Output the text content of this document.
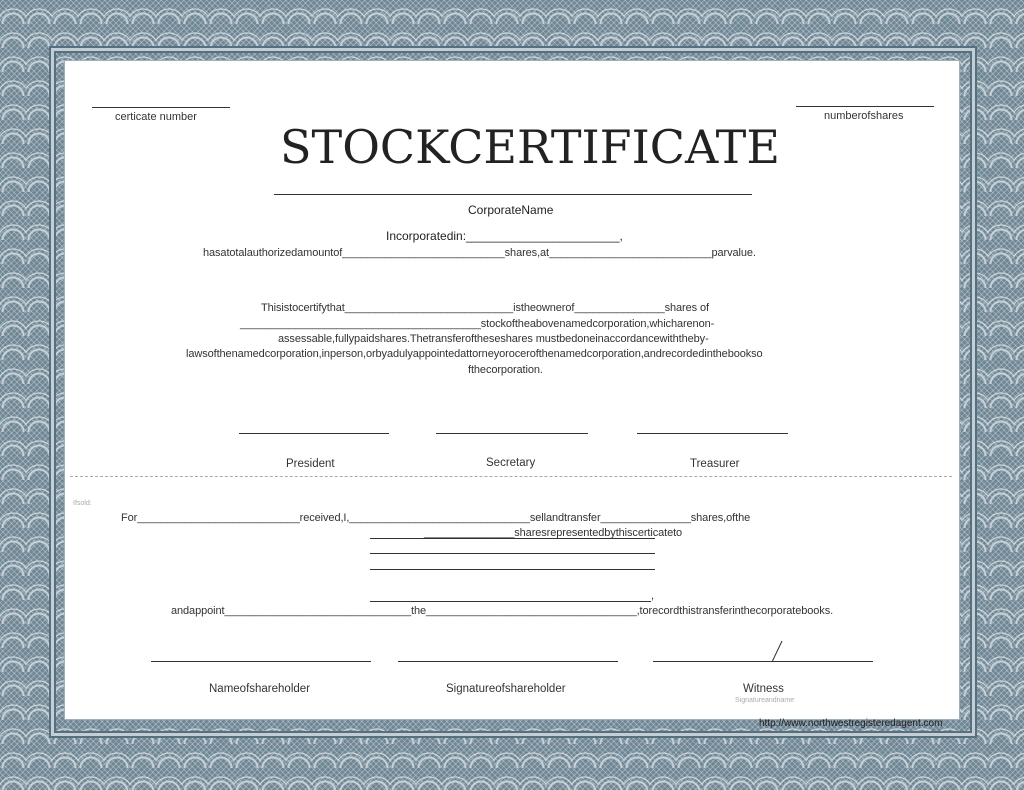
certicate number	numberofshares
STOCKCERTIFICATE
CorporateName
Incorporatedin:_______________________,
hasatotalauthorizedamountof___________________________shares,at___________________________parvalue.
Thisistocertifythat____________________________istheownerof_______________shares of
________________________________________stockoftheabovenamedcorporation,whicharenon-
assessable,fullypaidshares.Thetransferoftheseshares mustbedoneinaccordancewiththeby-
lawsofthenamedcorporation,inperson,orbyadulyappointedattorneyorocerofthenamedcorporation,andrecordedinthebookso
fthecorporation.
President	Secretary	Treasurer
Ifsold:
For___________________________received,I,______________________________sellandtransfer_______________shares,ofthe
_______________sharesrepresentedbythiscerticateto
,
andappoint_______________________________the___________________________________,torecordthistransferinthecorporatebooks.
Nameofshareholder	Signatureofshareholder	Witness
Signatureandname
http://www.northwestregisteredagent.com
